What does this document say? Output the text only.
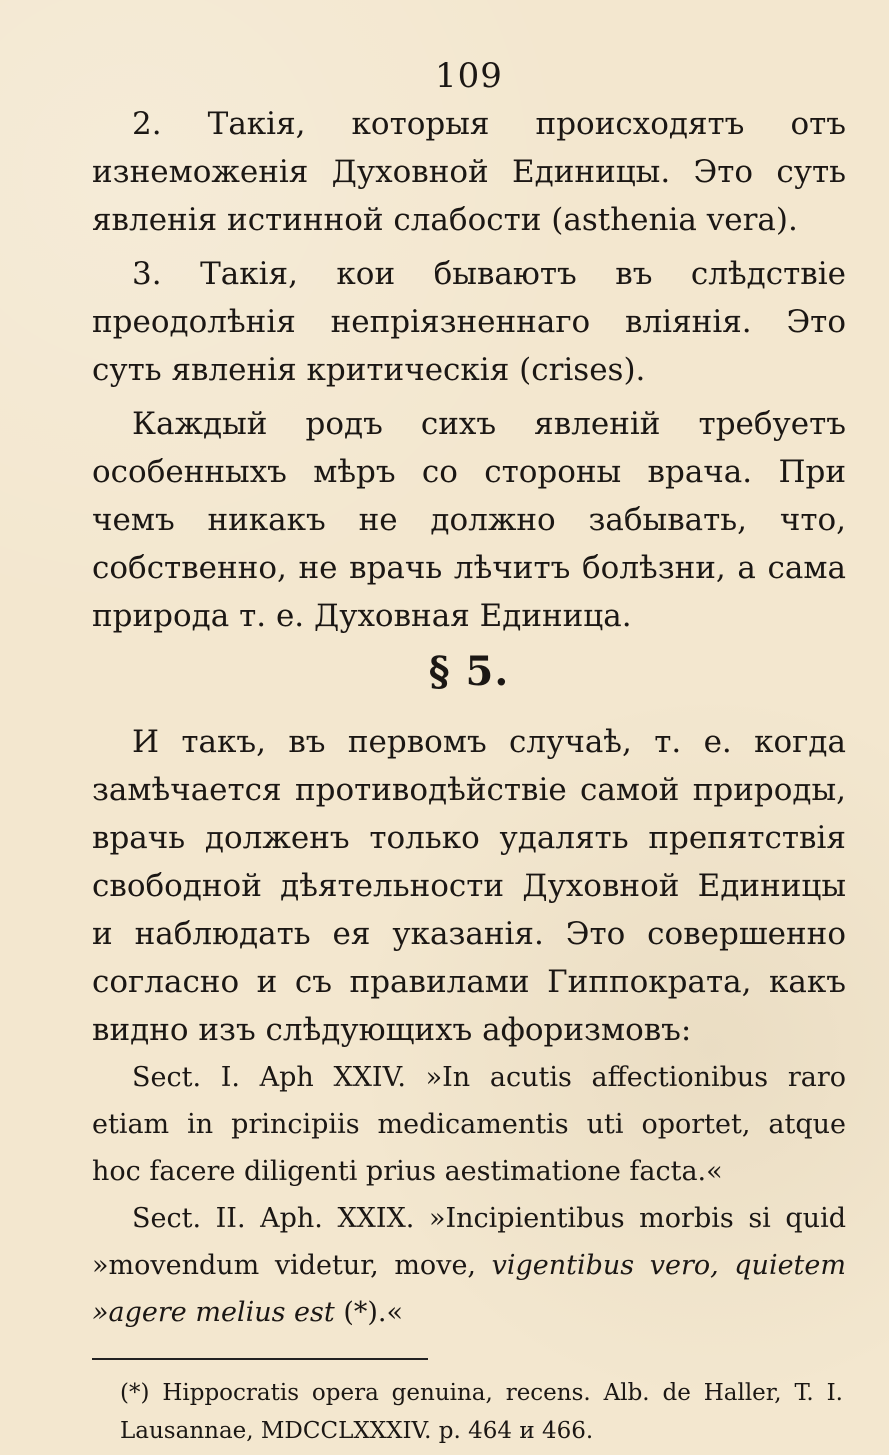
109

2. Такія, которыя происходятъ отъ изнеможенія Духовной Единицы. Это суть явленія истинной слабости (asthenia vera).

3. Такія, кои бываютъ въ слѣдствіе преодолѣнія непріязненнаго вліянія. Это суть явленія критическія (crises).

Каждый родъ сихъ явленій требуетъ особенныхъ мѣръ со стороны врача. При чемъ никакъ не должно забывать, что, собственно, не врачь лѣчитъ болѣзни, а сама природа т. е. Духовная Единица.

§ 5.

И такъ, въ первомъ случаѣ, т. е. когда замѣчается противодѣйствіе самой природы, врачь долженъ только удалять препятствія свободной дѣятельности Духовной Единицы и наблюдать ея указанія. Это совершенно согласно и съ правилами Гиппократа, какъ видно изъ слѣдующихъ афоризмовъ:

Sect. I. Aph XXIV. »In acutis affectionibus raro etiam in principiis medicamentis uti oportet, atque hoc facere diligenti prius aestimatione facta.«

Sect. II. Aph. XXIX. »Incipientibus morbis si quid »movendum videtur, move, vigentibus vero, quietem »agere melius est (*).«

(*) Hippocratis opera genuina, recens. Alb. de Haller, T. I. Lausannae, MDCCLXXXIV. p. 464 и 466.
